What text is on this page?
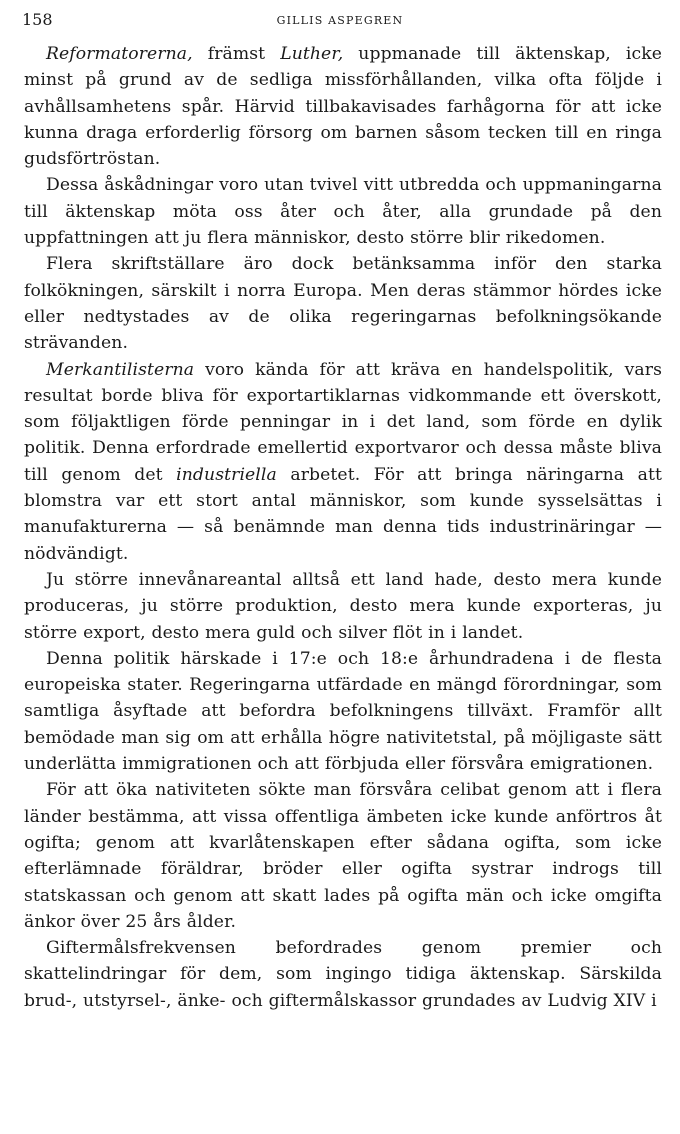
158	GILLIS ASPEGREN

Reformatorerna, främst Luther, uppmanade till äktenskap, icke minst på grund av de sedliga missförhållanden, vilka ofta följde i avhållsamhetens spår. Härvid tillbakavisades farhågorna för att icke kunna draga erforderlig försorg om barnen såsom tecken till en ringa gudsförtröstan.

Dessa åskådningar voro utan tvivel vitt utbredda och uppmaningarna till äktenskap möta oss åter och åter, alla grundade på den uppfattningen att ju flera människor, desto större blir rikedomen.

Flera skriftställare äro dock betänksamma inför den starka folkökningen, särskilt i norra Europa. Men deras stämmor hördes icke eller nedtystades av de olika regeringarnas befolkningsökande strävanden.

Merkantilisterna voro kända för att kräva en handelspolitik, vars resultat borde bliva för exportartiklarnas vidkommande ett överskott, som följaktligen förde penningar in i det land, som förde en dylik politik. Denna erfordrade emellertid exportvaror och dessa måste bliva till genom det industriella arbetet. För att bringa näringarna att blomstra var ett stort antal människor, som kunde sysselsättas i manufakturerna — så benämnde man denna tids industrinäringar — nödvändigt.

Ju större innevånareantal alltså ett land hade, desto mera kunde produceras, ju större produktion, desto mera kunde exporteras, ju större export, desto mera guld och silver flöt in i landet.

Denna politik härskade i 17:e och 18:e århundradena i de flesta europeiska stater. Regeringarna utfärdade en mängd förordningar, som samtliga åsyftade att befordra befolkningens tillväxt. Framför allt bemödade man sig om att erhålla högre nativitetstal, på möjligaste sätt underlätta immigrationen och att förbjuda eller försvåra emigrationen.

För att öka nativiteten sökte man försvåra celibat genom att i flera länder bestämma, att vissa offentliga ämbeten icke kunde anförtros åt ogifta; genom att kvarlåtenskapen efter sådana ogifta, som icke efterlämnade föräldrar, bröder eller ogifta systrar indrogs till statskassan och genom att skatt lades på ogifta män och icke omgifta änkor över 25 års ålder.

Giftermålsfrekvensen befordrades genom premier och skattelindringar för dem, som ingingo tidiga äktenskap. Särskilda brud-, utstyrsel-, änke- och giftermålskassor grundades av Ludvig XIV i
